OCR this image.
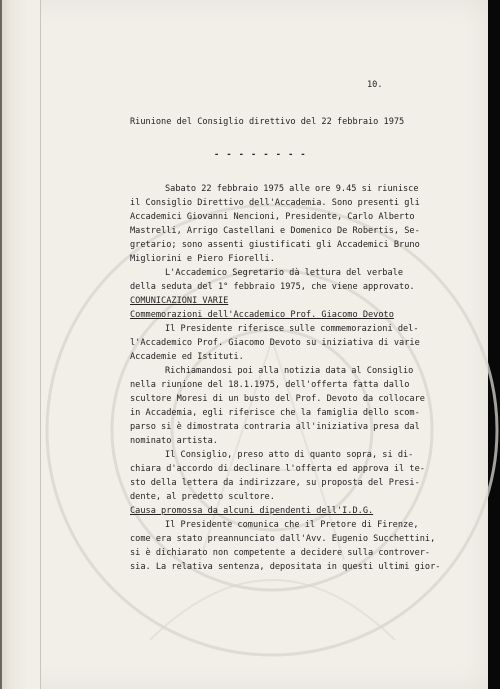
10.
Riunione del Consiglio direttivo del 22 febbraio 1975
- - - - - - - -
Sabato 22 febbraio 1975 alle ore 9.45 si riunisce
il Consiglio Direttivo dell'Accademia. Sono presenti gli
Accademici Giovanni Nencioni, Presidente, Carlo Alberto
Mastrelli, Arrigo Castellani e Domenico De Robertis, Se-
gretario; sono assenti giustificati gli Accademici Bruno
Migliorini e Piero Fiorelli.
L'Accademico Segretario dà lettura del verbale
della seduta del 1° febbraio 1975, che viene approvato.
COMUNICAZIONI VARIE
Commemorazioni dell'Accademico Prof. Giacomo Devoto
Il Presidente riferisce sulle commemorazioni del-
l'Accademico Prof. Giacomo Devoto su iniziativa di varie
Accademie ed Istituti.
Richiamandosi poi alla notizia data al Consiglio
nella riunione del 18.1.1975, dell'offerta fatta dallo
scultore Moresi di un busto del Prof. Devoto da collocare
in Accademia, egli riferisce che la famiglia dello scom-
parso si è dimostrata contraria all'iniziativa presa dal
nominato artista.
Il Consiglio, preso atto di quanto sopra, si di-
chiara d'accordo di declinare l'offerta ed approva il te-
sto della lettera da indirizzare, su proposta del Presi-
dente, al predetto scultore.
Causa promossa da alcuni dipendenti dell'I.D.G.
Il Presidente comunica che il Pretore di Firenze,
come era stato preannunciato dall'Avv. Eugenio Succhettini,
si è dichiarato non competente a decidere sulla controver-
sia. La relativa sentenza, depositata in questi ultimi gior-
